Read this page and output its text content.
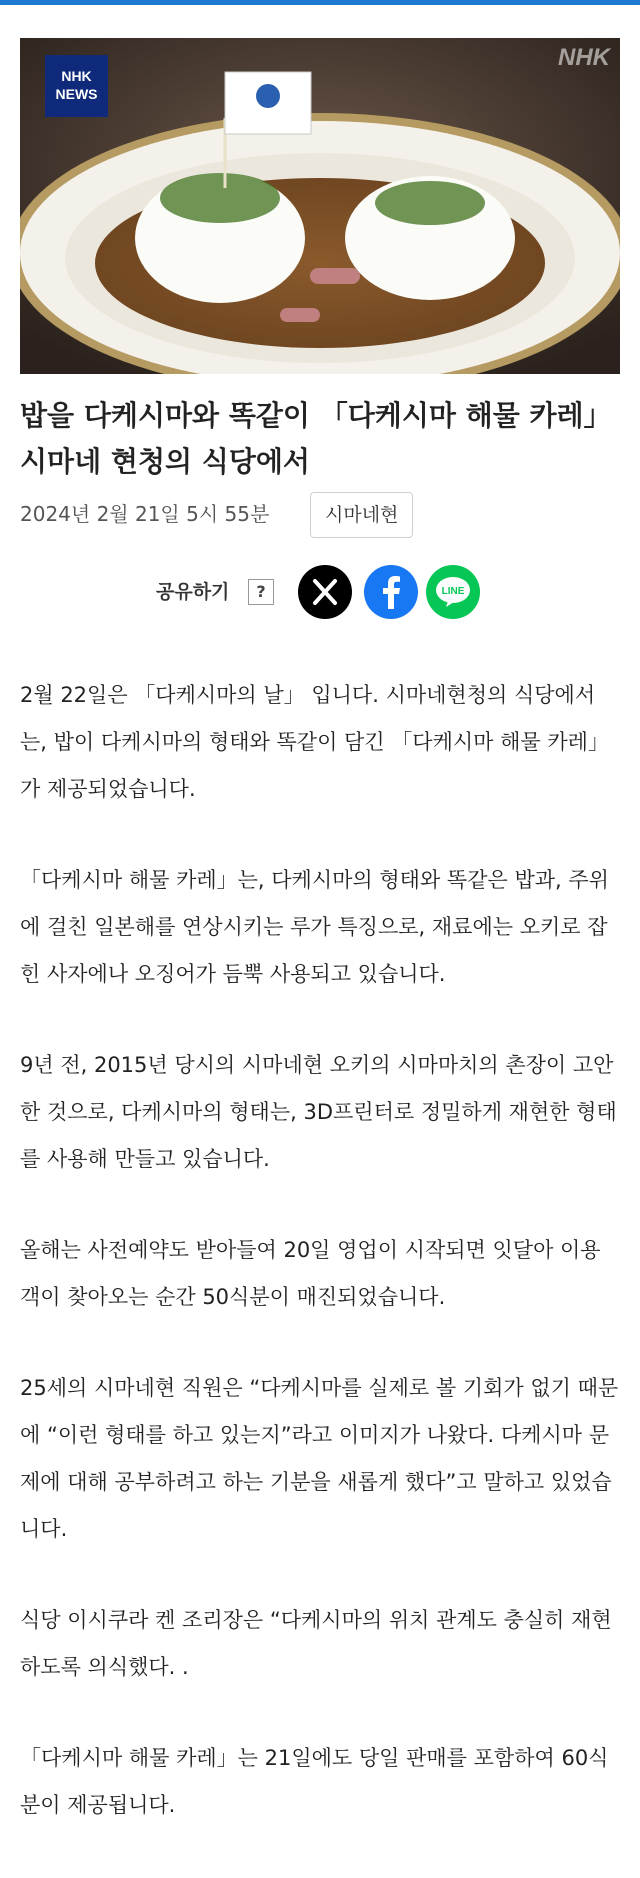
NHK
NEWS
NHK
밥을 다케시마와 똑같이 「다케시마 해물 카레」 시마네 현청의 식당에서
2024년 2월 21일 5시 55분	시마네현
공유하기	?	LINE

2월 22일은 「다케시마의 날」 입니다. 시마네현청의 식당에서는, 밥이 다케시마의 형태와 똑같이 담긴 「다케시마 해물 카레」 가 제공되었습니다.

「다케시마 해물 카레」는, 다케시마의 형태와 똑같은 밥과, 주위에 걸친 일본해를 연상시키는 루가 특징으로, 재료에는 오키로 잡힌 사자에나 오징어가 듬뿍 사용되고 있습니다.

9년 전, 2015년 당시의 시마네현 오키의 시마마치의 촌장이 고안한 것으로, 다케시마의 형태는, 3D프린터로 정밀하게 재현한 형태를 사용해 만들고 있습니다.

올해는 사전예약도 받아들여 20일 영업이 시작되면 잇달아 이용객이 찾아오는 순간 50식분이 매진되었습니다.

25세의 시마네현 직원은 “다케시마를 실제로 볼 기회가 없기 때문에 “이런 형태를 하고 있는지”라고 이미지가 나왔다. 다케시마 문제에 대해 공부하려고 하는 기분을 새롭게 했다”고 말하고 있었습니다.

식당 이시쿠라 켄 조리장은 “다케시마의 위치 관계도 충실히 재현하도록 의식했다. .

「다케시마 해물 카레」는 21일에도 당일 판매를 포함하여 60식분이 제공됩니다.
